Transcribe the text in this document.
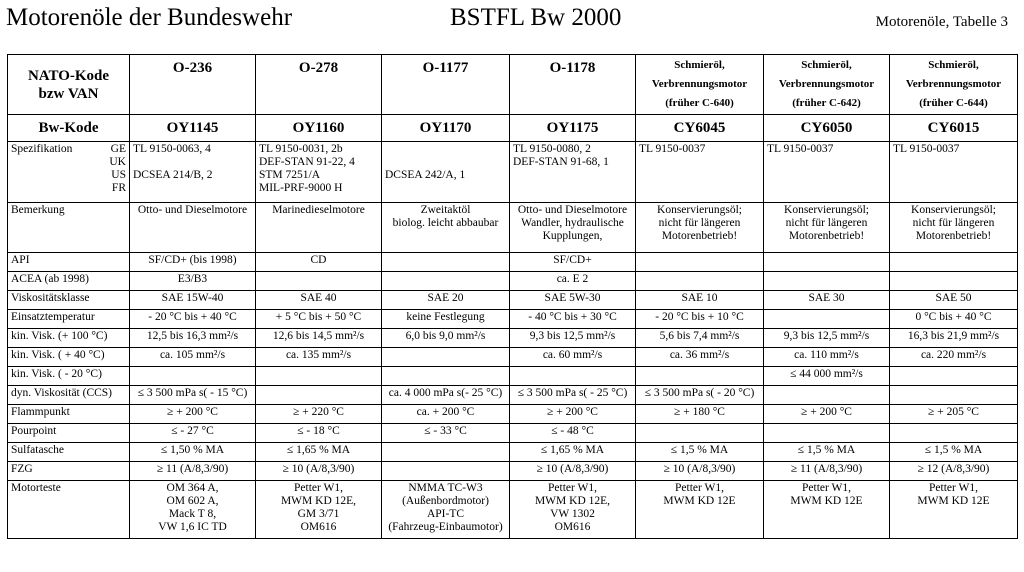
Motorenöle der Bundeswehr	BSTFL Bw 2000	Motorenöle, Tabelle 3
NATO-Kode
bzw VAN	O-236	O-278	O-1177	O-1178	Schmieröl,
Verbrennungsmotor
(früher C-640)	Schmieröl,
Verbrennungsmotor
(früher C-642)	Schmieröl,
Verbrennungsmotor
(früher C-644)

Bw-Kode	OY1145	OY1160	OY1170	OY1175	CY6045	CY6050	CY6015

Spezifikation GE
UK
US
FR	TL 9150-0063, 4
DCSEA 214/B, 2	TL 9150-0031, 2b
DEF-STAN 91-22, 4
STM 7251/A
MIL-PRF-9000 H	DCSEA 242/A, 1	TL 9150-0080, 2
DEF-STAN 91-68, 1	TL 9150-0037	TL 9150-0037	TL 9150-0037

Bemerkung	Otto- und Dieselmotore	Marinedieselmotore	Zweitaktöl
biolog. leicht abbaubar	Otto- und Dieselmotore
Wandler, hydraulische
Kupplungen,	Konservierungsöl;
nicht für längeren
Motorenbetrieb!	Konservierungsöl;
nicht für längeren
Motorenbetrieb!	Konservierungsöl;
nicht für längeren
Motorenbetrieb!

API	SF/CD+ (bis 1998)	CD		SF/CD+			
ACEA (ab 1998)	E3/B3			ca. E 2			
Viskositätsklasse	SAE 15W-40	SAE 40	SAE 20	SAE 5W-30	SAE 10	SAE 30	SAE 50
Einsatztemperatur	- 20 °C bis + 40 °C	+ 5 °C bis + 50 °C	keine Festlegung	- 40 °C bis + 30 °C	- 20 °C bis + 10 °C		0 °C bis + 40 °C
kin. Visk. (+ 100 °C)	12,5 bis 16,3 mm²/s	12,6 bis 14,5 mm²/s	6,0 bis 9,0 mm²/s	9,3 bis 12,5 mm²/s	5,6 bis 7,4 mm²/s	9,3 bis 12,5 mm²/s	16,3 bis 21,9 mm²/s
kin. Visk. ( + 40 °C)	ca. 105 mm²/s	ca. 135 mm²/s		ca. 60 mm²/s	ca. 36 mm²/s	ca. 110 mm²/s	ca. 220 mm²/s
kin. Visk. ( - 20 °C)						≤ 44 000 mm²/s	
dyn. Viskosität (CCS)	≤ 3 500 mPa s( - 15 °C)		ca. 4 000 mPa s(- 25 °C)	≤ 3 500 mPa s( - 25 °C)	≤ 3 500 mPa s( - 20 °C)		
Flammpunkt	≥ + 200 °C	≥ + 220 °C	ca. + 200 °C	≥ + 200 °C	≥ + 180 °C	≥ + 200 °C	≥ + 205 °C
Pourpoint	≤ - 27 °C	≤ - 18 °C	≤ - 33 °C	≤ - 48 °C			
Sulfatasche	≤ 1,50 % MA	≤ 1,65 % MA		≤ 1,65 % MA	≤ 1,5 % MA	≤ 1,5 % MA	≤ 1,5 % MA
FZG	≥ 11 (A/8,3/90)	≥ 10 (A/8,3/90)		≥ 10 (A/8,3/90)	≥ 10 (A/8,3/90)	≥ 11 (A/8,3/90)	≥ 12 (A/8,3/90)
Motorteste	OM 364 A,
OM 602 A,
Mack T 8,
VW 1,6 IC TD	Petter W1,
MWM KD 12E,
GM 3/71
OM616	NMMA TC-W3
(Außenbordmotor)
API-TC
(Fahrzeug-Einbaumotor)	Petter W1,
MWM KD 12E,
VW 1302
OM616	Petter W1,
MWM KD 12E	Petter W1,
MWM KD 12E	Petter W1,
MWM KD 12E
